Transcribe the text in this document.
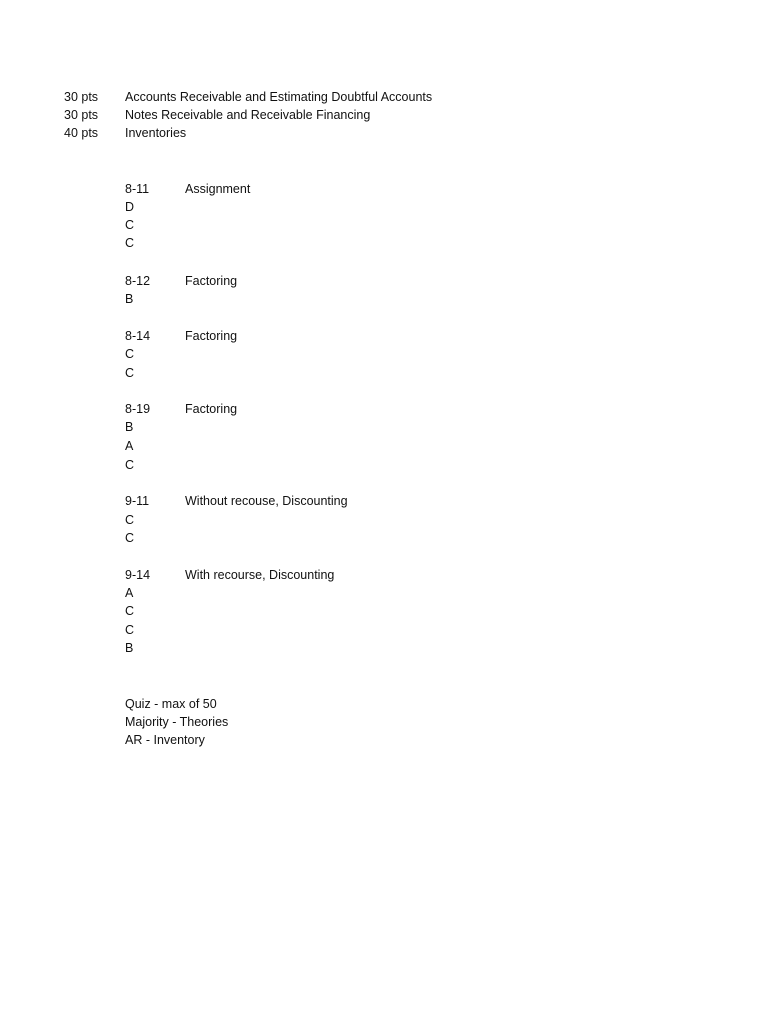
30 pts Accounts Receivable and Estimating Doubtful Accounts
30 pts Notes Receivable and Receivable Financing
40 pts Inventories
8-11	Assignment
D
C
C
8-12	Factoring
B
8-14	Factoring
C
C
8-19	Factoring
B
A
C
9-11	Without recouse, Discounting
C
C
9-14	With recourse, Discounting
A
C
C
B
Quiz - max of 50
Majority - Theories
AR - Inventory
